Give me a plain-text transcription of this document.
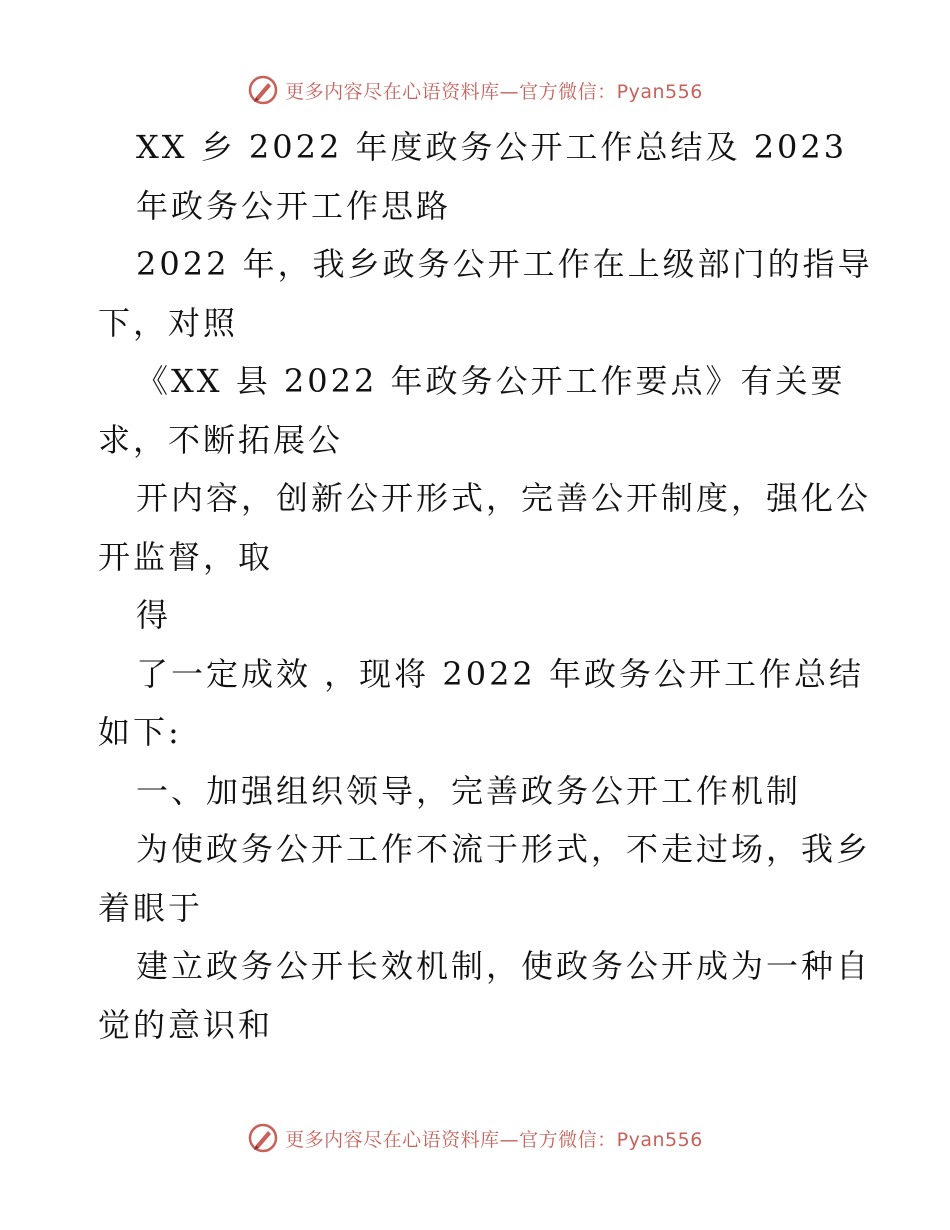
更多内容尽在心语资料库—官方微信：Pyan556
XX 乡 2022 年度政务公开工作总结及 2023
年政务公开工作思路
2022 年，我乡政务公开工作在上级部门的指导
下，对照
《XX 县 2022 年政务公开工作要点》有关要
求，不断拓展公
开内容，创新公开形式，完善公开制度，强化公
开监督，取
得
了一定成效 ，现将 2022 年政务公开工作总结
如下:
一、加强组织领导，完善政务公开工作机制
为使政务公开工作不流于形式，不走过场，我乡
着眼于
建立政务公开长效机制，使政务公开成为一种自
觉的意识和
更多内容尽在心语资料库—官方微信：Pyan556
